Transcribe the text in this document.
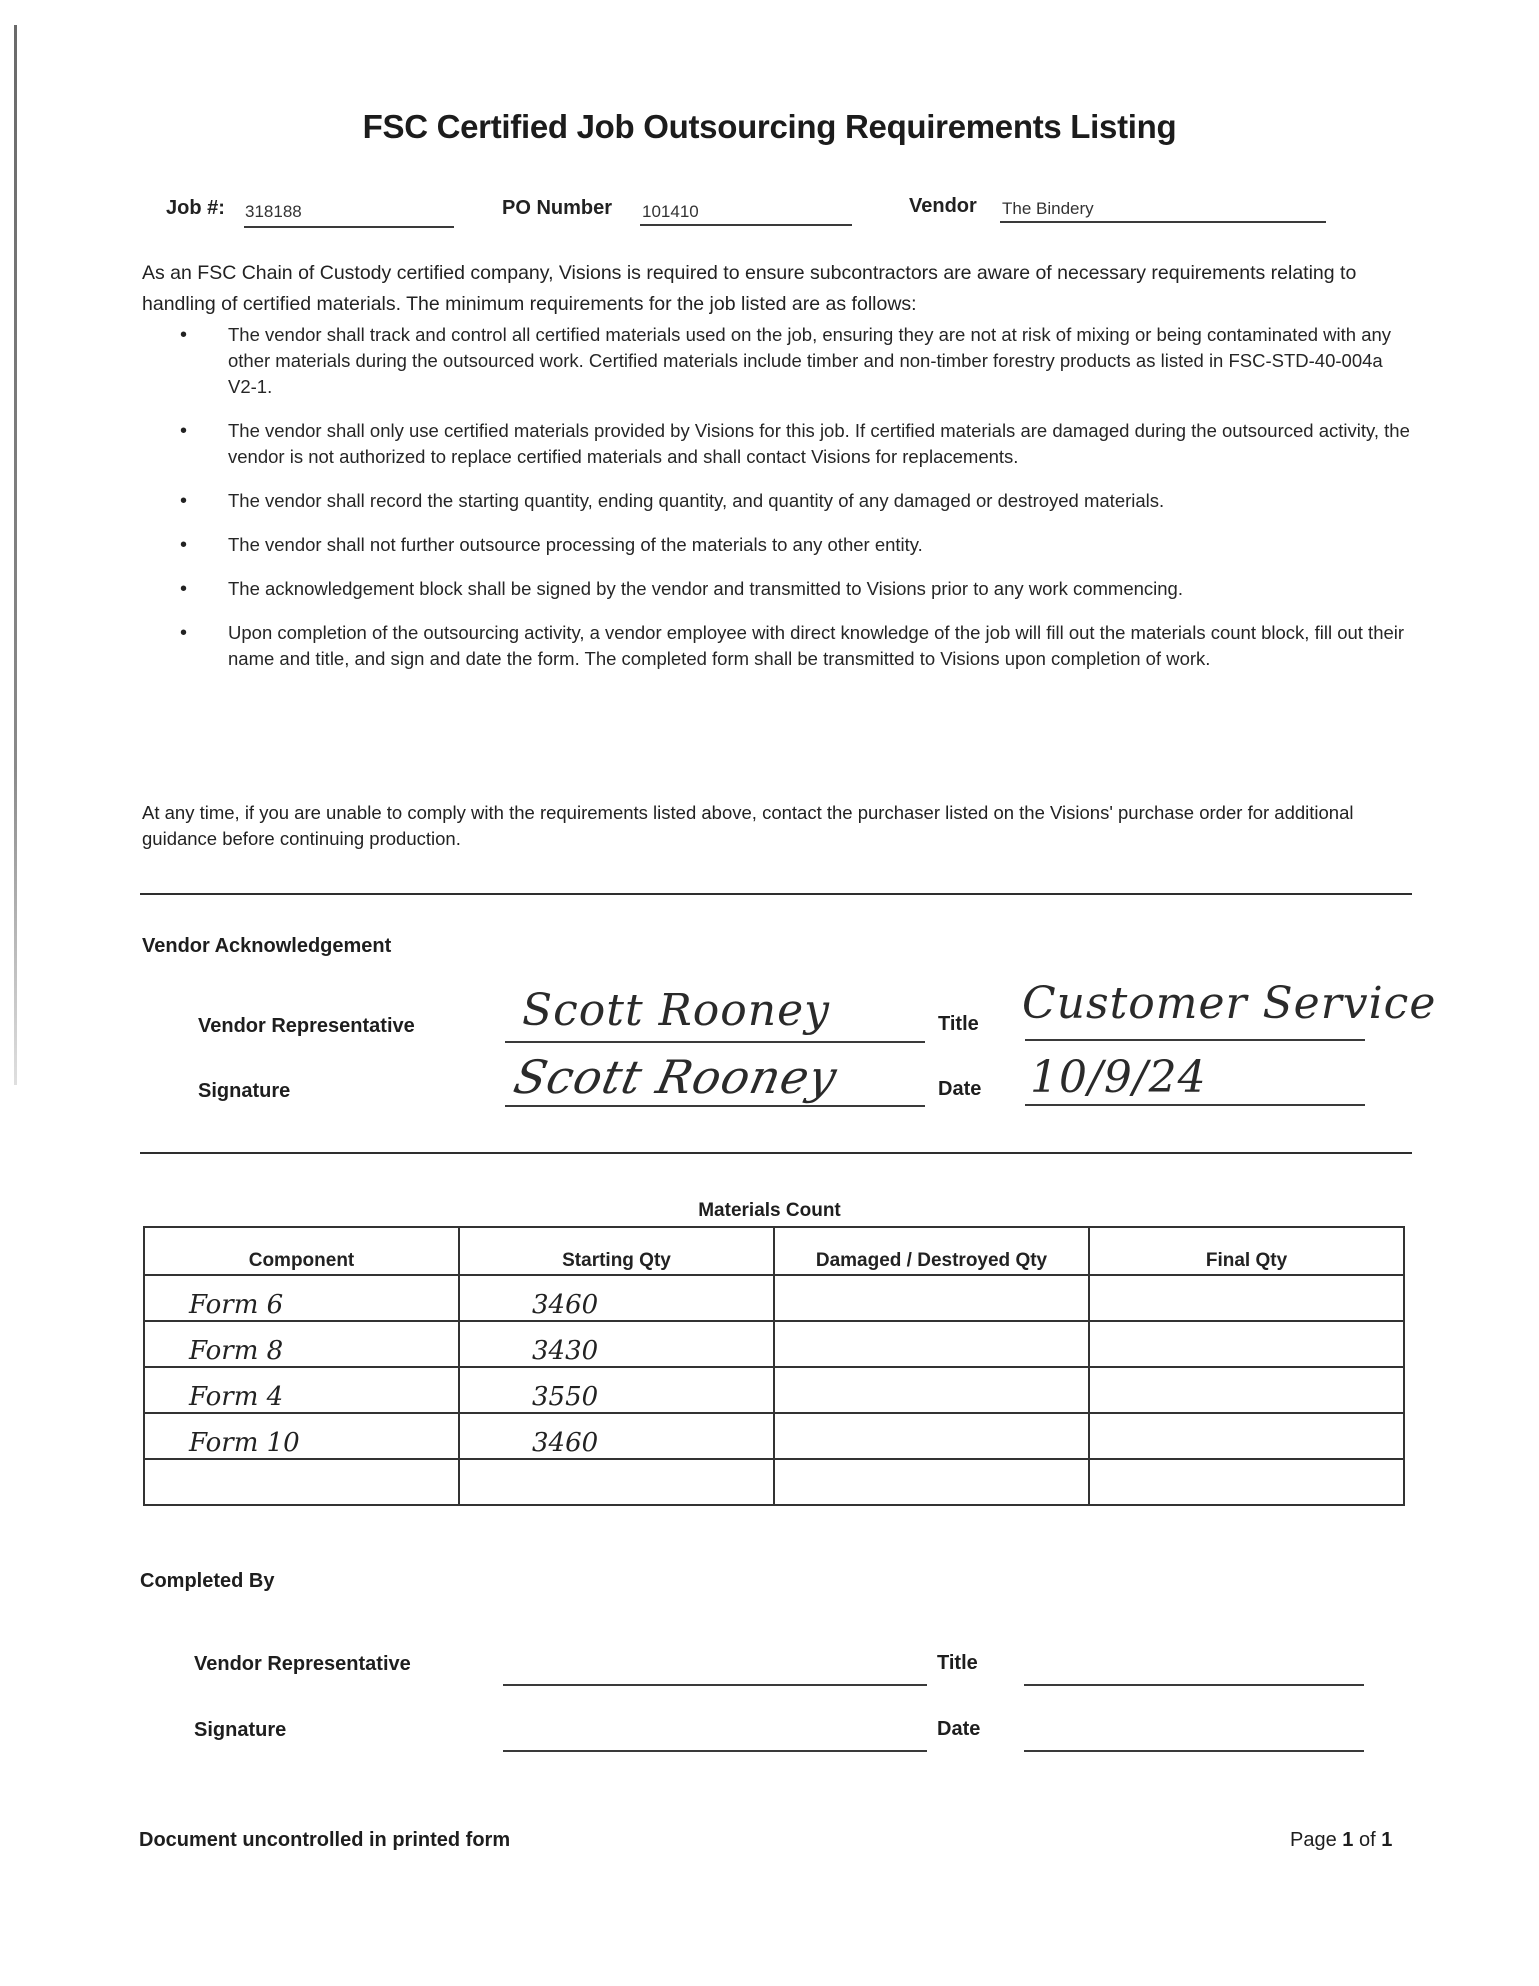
FSC Certified Job Outsourcing Requirements Listing
Job #: 318188	PO Number 101410	Vendor The Bindery
As an FSC Chain of Custody certified company, Visions is required to ensure subcontractors are aware of necessary requirements relating to handling of certified materials. The minimum requirements for the job listed are as follows:
• The vendor shall track and control all certified materials used on the job, ensuring they are not at risk of mixing or being contaminated with any other materials during the outsourced work. Certified materials include timber and non-timber forestry products as listed in FSC-STD-40-004a V2-1.
• The vendor shall only use certified materials provided by Visions for this job. If certified materials are damaged during the outsourced activity, the vendor is not authorized to replace certified materials and shall contact Visions for replacements.
• The vendor shall record the starting quantity, ending quantity, and quantity of any damaged or destroyed materials.
• The vendor shall not further outsource processing of the materials to any other entity.
• The acknowledgement block shall be signed by the vendor and transmitted to Visions prior to any work commencing.
• Upon completion of the outsourcing activity, a vendor employee with direct knowledge of the job will fill out the materials count block, fill out their name and title, and sign and date the form. The completed form shall be transmitted to Visions upon completion of work.
At any time, if you are unable to comply with the requirements listed above, contact the purchaser listed on the Visions' purchase order for additional guidance before continuing production.
Vendor Acknowledgement
Vendor Representative Scott Rooney	Title Customer Service
Signature	Scott Rooney	Date 10/9/24
Materials Count
Component	Starting Qty	Damaged / Destroyed Qty	Final Qty
Form 6	3460		
Form 8	3430		
Form 4	3550		
Form 10	3460		

Completed By
Vendor Representative	Title
Signature	Date
Document uncontrolled in printed form	Page 1 of 1
